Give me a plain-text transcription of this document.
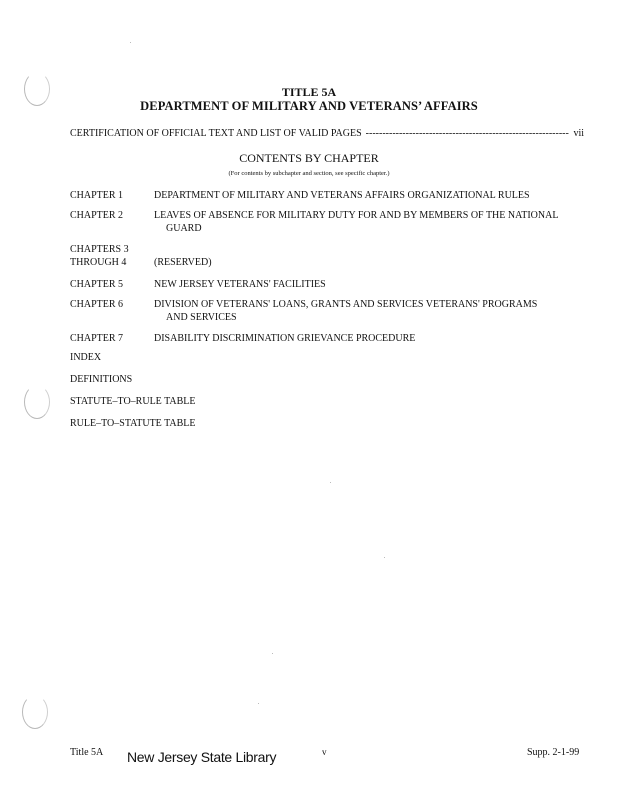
TITLE 5A
DEPARTMENT OF MILITARY AND VETERANS’ AFFAIRS
CERTIFICATION OF OFFICIAL TEXT AND LIST OF VALID PAGES
-----	vii
CONTENTS BY CHAPTER
(For contents by subchapter and section, see specific chapter.)
CHAPTER 1	DEPARTMENT OF MILITARY AND VETERANS AFFAIRS ORGANIZATIONAL RULES
CHAPTER 2	LEAVES OF ABSENCE FOR MILITARY DUTY FOR AND BY MEMBERS OF THE NATIONAL
GUARD
CHAPTERS 3
THROUGH 4	(RESERVED)
CHAPTER 5	NEW JERSEY VETERANS' FACILITIES
CHAPTER 6	DIVISION OF VETERANS' LOANS, GRANTS AND SERVICES VETERANS' PROGRAMS
AND SERVICES
CHAPTER 7	DISABILITY DISCRIMINATION GRIEVANCE PROCEDURE
INDEX
DEFINITIONS
STATUTE–TO–RULE TABLE
RULE–TO–STATUTE TABLE
Title 5A New Jersey State Library	v	Supp. 2-1-99
